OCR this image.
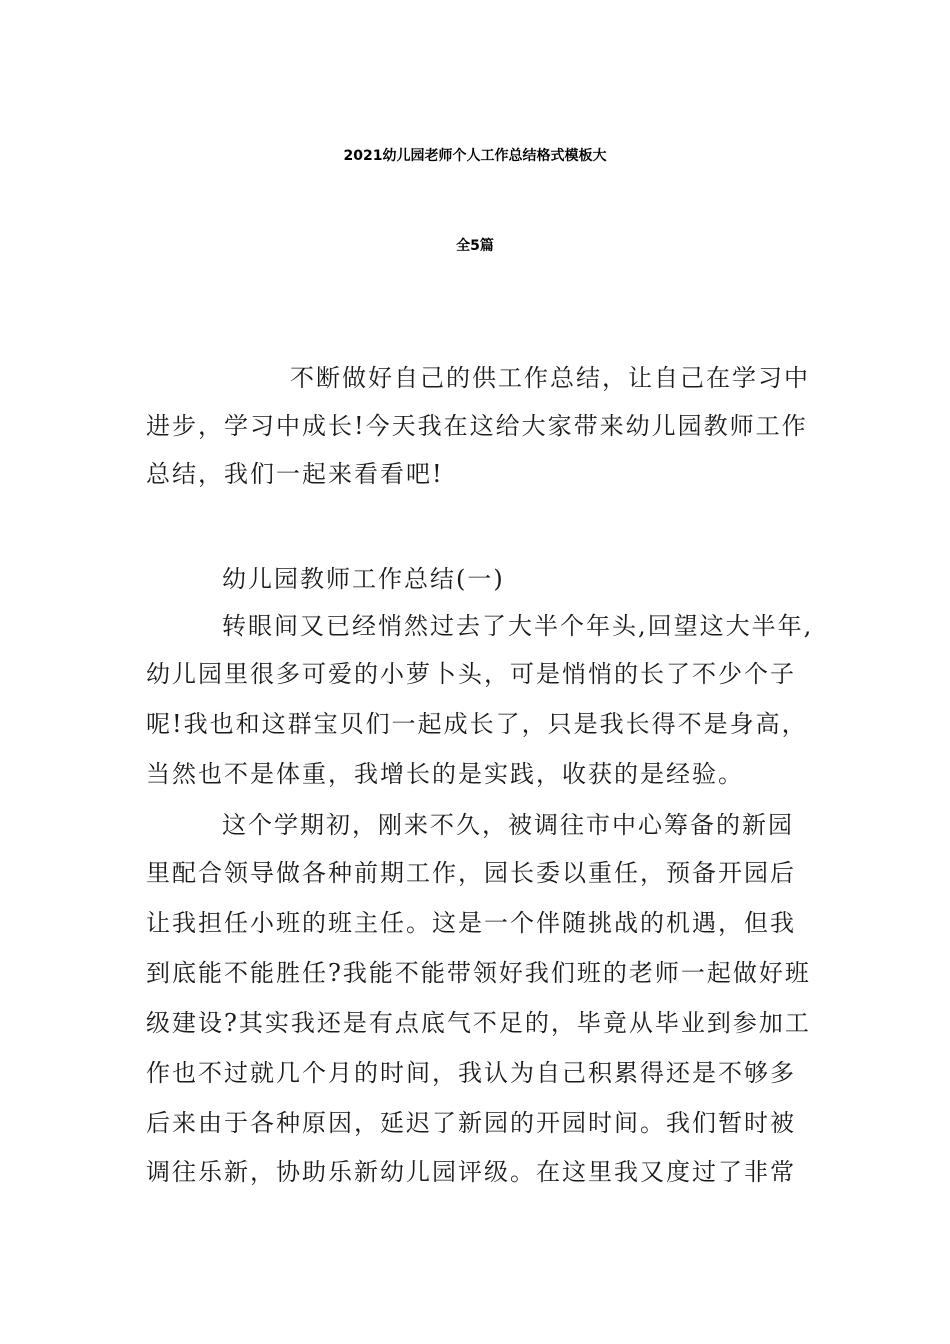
2021幼儿园老师个人工作总结格式模板大
全5篇
不断做好自己的供工作总结，让自己在学习中
进步，学习中成长!今天我在这给大家带来幼儿园教师工作
总结，我们一起来看看吧!
幼儿园教师工作总结(一)
转眼间又已经悄然过去了大半个年头,回望这大半年,
幼儿园里很多可爱的小萝卜头，可是悄悄的长了不少个子
呢!我也和这群宝贝们一起成长了，只是我长得不是身高，
当然也不是体重，我增长的是实践，收获的是经验。
这个学期初，刚来不久，被调往市中心筹备的新园
里配合领导做各种前期工作，园长委以重任，预备开园后
让我担任小班的班主任。这是一个伴随挑战的机遇，但我
到底能不能胜任?我能不能带领好我们班的老师一起做好班
级建设?其实我还是有点底气不足的，毕竟从毕业到参加工
作也不过就几个月的时间，我认为自己积累得还是不够多
后来由于各种原因，延迟了新园的开园时间。我们暂时被
调往乐新，协助乐新幼儿园评级。在这里我又度过了非常
